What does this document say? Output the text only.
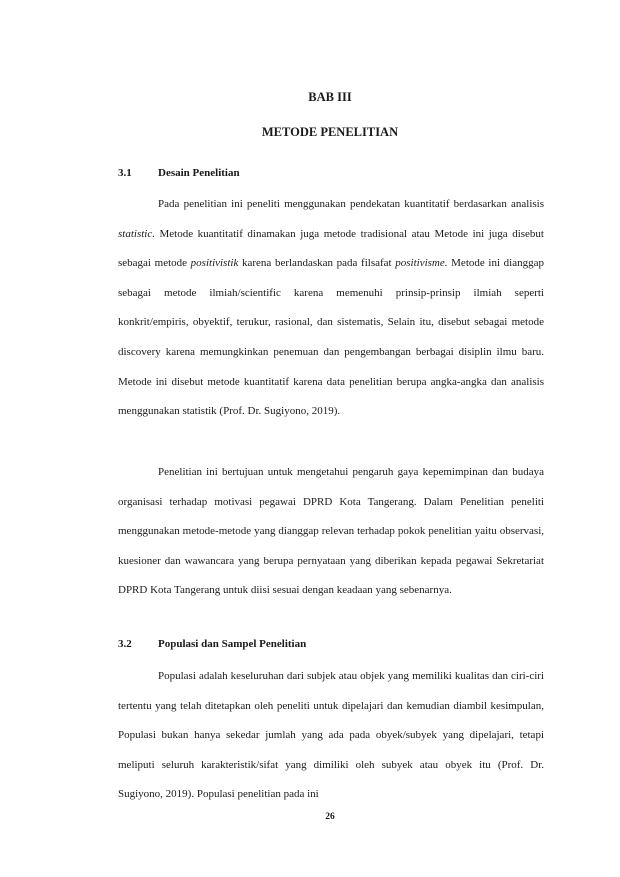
BAB III
METODE PENELITIAN
3.1 Desain Penelitian

Pada penelitian ini peneliti menggunakan pendekatan kuantitatif berdasarkan analisis statistic. Metode kuantitatif dinamakan juga metode tradisional atau Metode ini juga disebut sebagai metode positivistik karena berlandaskan pada filsafat positivisme. Metode ini dianggap sebagai metode ilmiah/scientific karena memenuhi prinsip-prinsip ilmiah seperti konkrit/empiris, obyektif, terukur, rasional, dan sistematis, Selain itu, disebut sebagai metode discovery karena memungkinkan penemuan dan pengembangan berbagai disiplin ilmu baru. Metode ini disebut metode kuantitatif karena data penelitian berupa angka-angka dan analisis menggunakan statistik (Prof. Dr. Sugiyono, 2019).

Penelitian ini bertujuan untuk mengetahui pengaruh gaya kepemimpinan dan budaya organisasi terhadap motivasi pegawai DPRD Kota Tangerang. Dalam Penelitian peneliti menggunakan metode-metode yang dianggap relevan terhadap pokok penelitian yaitu observasi, kuesioner dan wawancara yang berupa pernyataan yang diberikan kepada pegawai Sekretariat DPRD Kota Tangerang untuk diisi sesuai dengan keadaan yang sebenarnya.

3.2 Populasi dan Sampel Penelitian

Populasi adalah keseluruhan dari subjek atau objek yang memiliki kualitas dan ciri-ciri tertentu yang telah ditetapkan oleh peneliti untuk dipelajari dan kemudian diambil kesimpulan, Populasi bukan hanya sekedar jumlah yang ada pada obyek/subyek yang dipelajari, tetapi meliputi seluruh karakteristik/sifat yang dimiliki oleh subyek atau obyek itu (Prof. Dr. Sugiyono, 2019). Populasi penelitian pada ini

26
